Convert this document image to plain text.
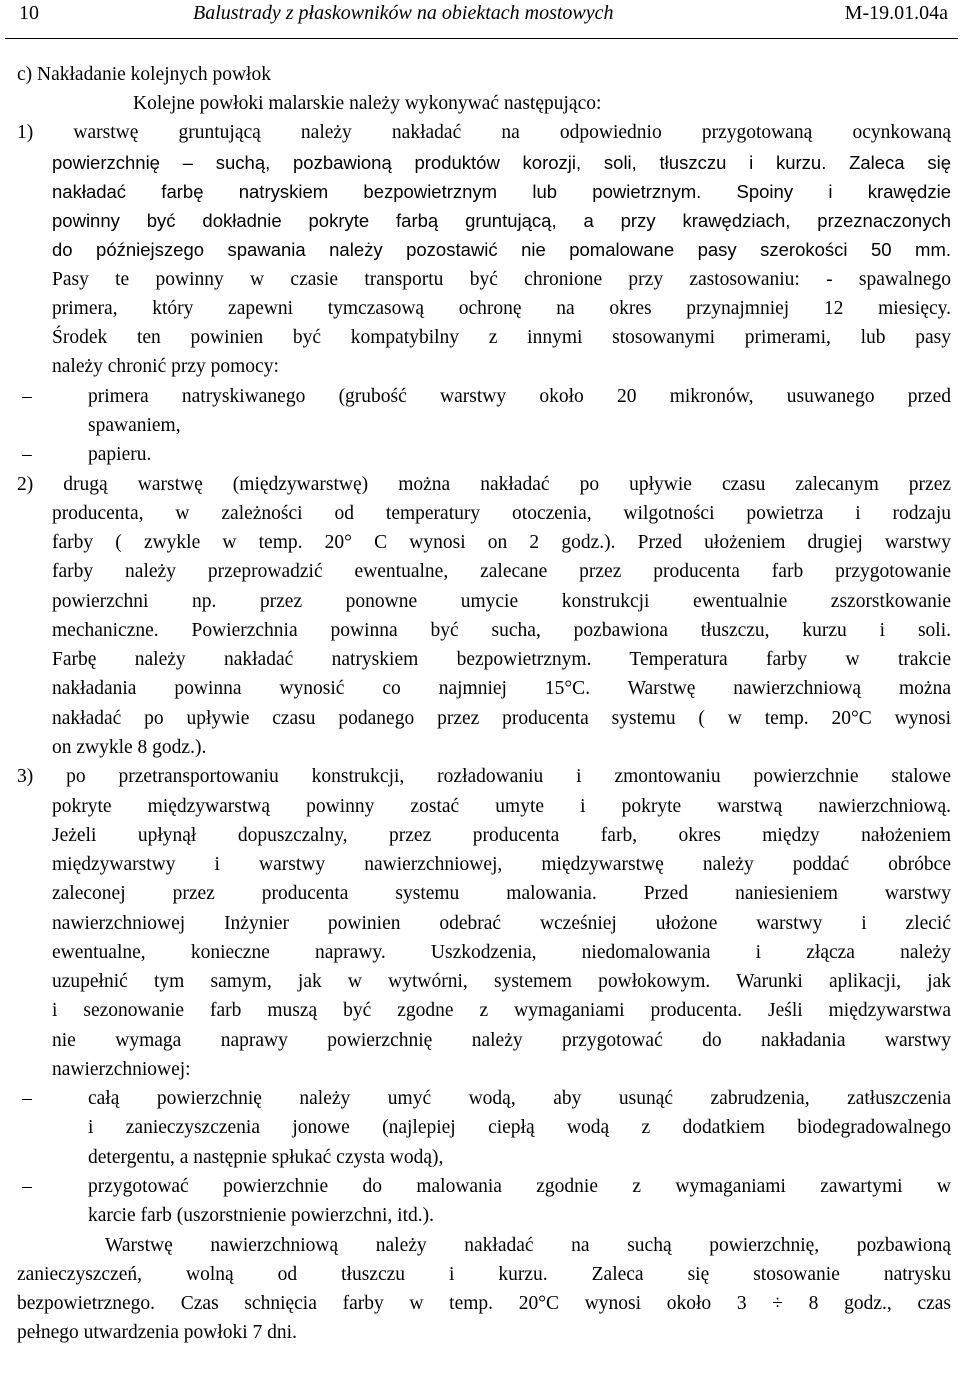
10	Balustrady z płaskowników na obiektach mostowych	M-19.01.04a
c) Nakładanie kolejnych powłok
Kolejne powłoki malarskie należy wykonywać następująco:
1) warstwę gruntującą należy nakładać na odpowiednio przygotowaną ocynkowaną
powierzchnię – suchą, pozbawioną produktów korozji, soli, tłuszczu i kurzu. Zaleca się
nakładać farbę natryskiem bezpowietrznym lub powietrznym. Spoiny i krawędzie
powinny być dokładnie pokryte farbą gruntującą, a przy krawędziach, przeznaczonych
do późniejszego spawania należy pozostawić nie pomalowane pasy szerokości 50 mm.
Pasy te powinny w czasie transportu być chronione przy zastosowaniu: - spawalnego
primera, który zapewni tymczasową ochronę na okres przynajmniej 12 miesięcy.
Środek ten powinien być kompatybilny z innymi stosowanymi primerami, lub pasy
należy chronić przy pomocy:
–	primera natryskiwanego (grubość warstwy około 20 mikronów, usuwanego przed
spawaniem,
–	papieru.
2) drugą warstwę (międzywarstwę) można nakładać po upływie czasu zalecanym przez
producenta, w zależności od temperatury otoczenia, wilgotności powietrza i rodzaju
farby ( zwykle w temp. 20° C wynosi on 2 godz.). Przed ułożeniem drugiej warstwy
farby należy przeprowadzić ewentualne, zalecane przez producenta farb przygotowanie
powierzchni np. przez ponowne umycie konstrukcji ewentualnie zszorstkowanie
mechaniczne. Powierzchnia powinna być sucha, pozbawiona tłuszczu, kurzu i soli.
Farbę należy nakładać natryskiem bezpowietrznym. Temperatura farby w trakcie
nakładania powinna wynosić co najmniej 15°C. Warstwę nawierzchniową można
nakładać po upływie czasu podanego przez producenta systemu ( w temp. 20°C wynosi
on zwykle 8 godz.).
3) po przetransportowaniu konstrukcji, rozładowaniu i zmontowaniu powierzchnie stalowe
pokryte międzywarstwą powinny zostać umyte i pokryte warstwą nawierzchniową.
Jeżeli upłynął dopuszczalny, przez producenta farb, okres między nałożeniem
międzywarstwy i warstwy nawierzchniowej, międzywarstwę należy poddać obróbce
zaleconej przez producenta systemu malowania. Przed naniesieniem warstwy
nawierzchniowej Inżynier powinien odebrać wcześniej ułożone warstwy i zlecić
ewentualne, konieczne naprawy. Uszkodzenia, niedomalowania i złącza należy
uzupełnić tym samym, jak w wytwórni, systemem powłokowym. Warunki aplikacji, jak
i sezonowanie farb muszą być zgodne z wymaganiami producenta. Jeśli międzywarstwa
nie wymaga naprawy powierzchnię należy przygotować do nakładania warstwy
nawierzchniowej:
–	całą powierzchnię należy umyć wodą, aby usunąć zabrudzenia, zatłuszczenia
i zanieczyszczenia jonowe (najlepiej ciepłą wodą z dodatkiem biodegradowalnego
detergentu, a następnie spłukać czysta wodą),
–	przygotować powierzchnie do malowania zgodnie z wymaganiami zawartymi w
karcie farb (uszorstnienie powierzchni, itd.).
Warstwę nawierzchniową należy nakładać na suchą powierzchnię, pozbawioną
zanieczyszczeń, wolną od tłuszczu i kurzu. Zaleca się stosowanie natrysku
bezpowietrznego. Czas schnięcia farby w temp. 20°C wynosi około 3 ÷ 8 godz., czas
pełnego utwardzenia powłoki 7 dni.
